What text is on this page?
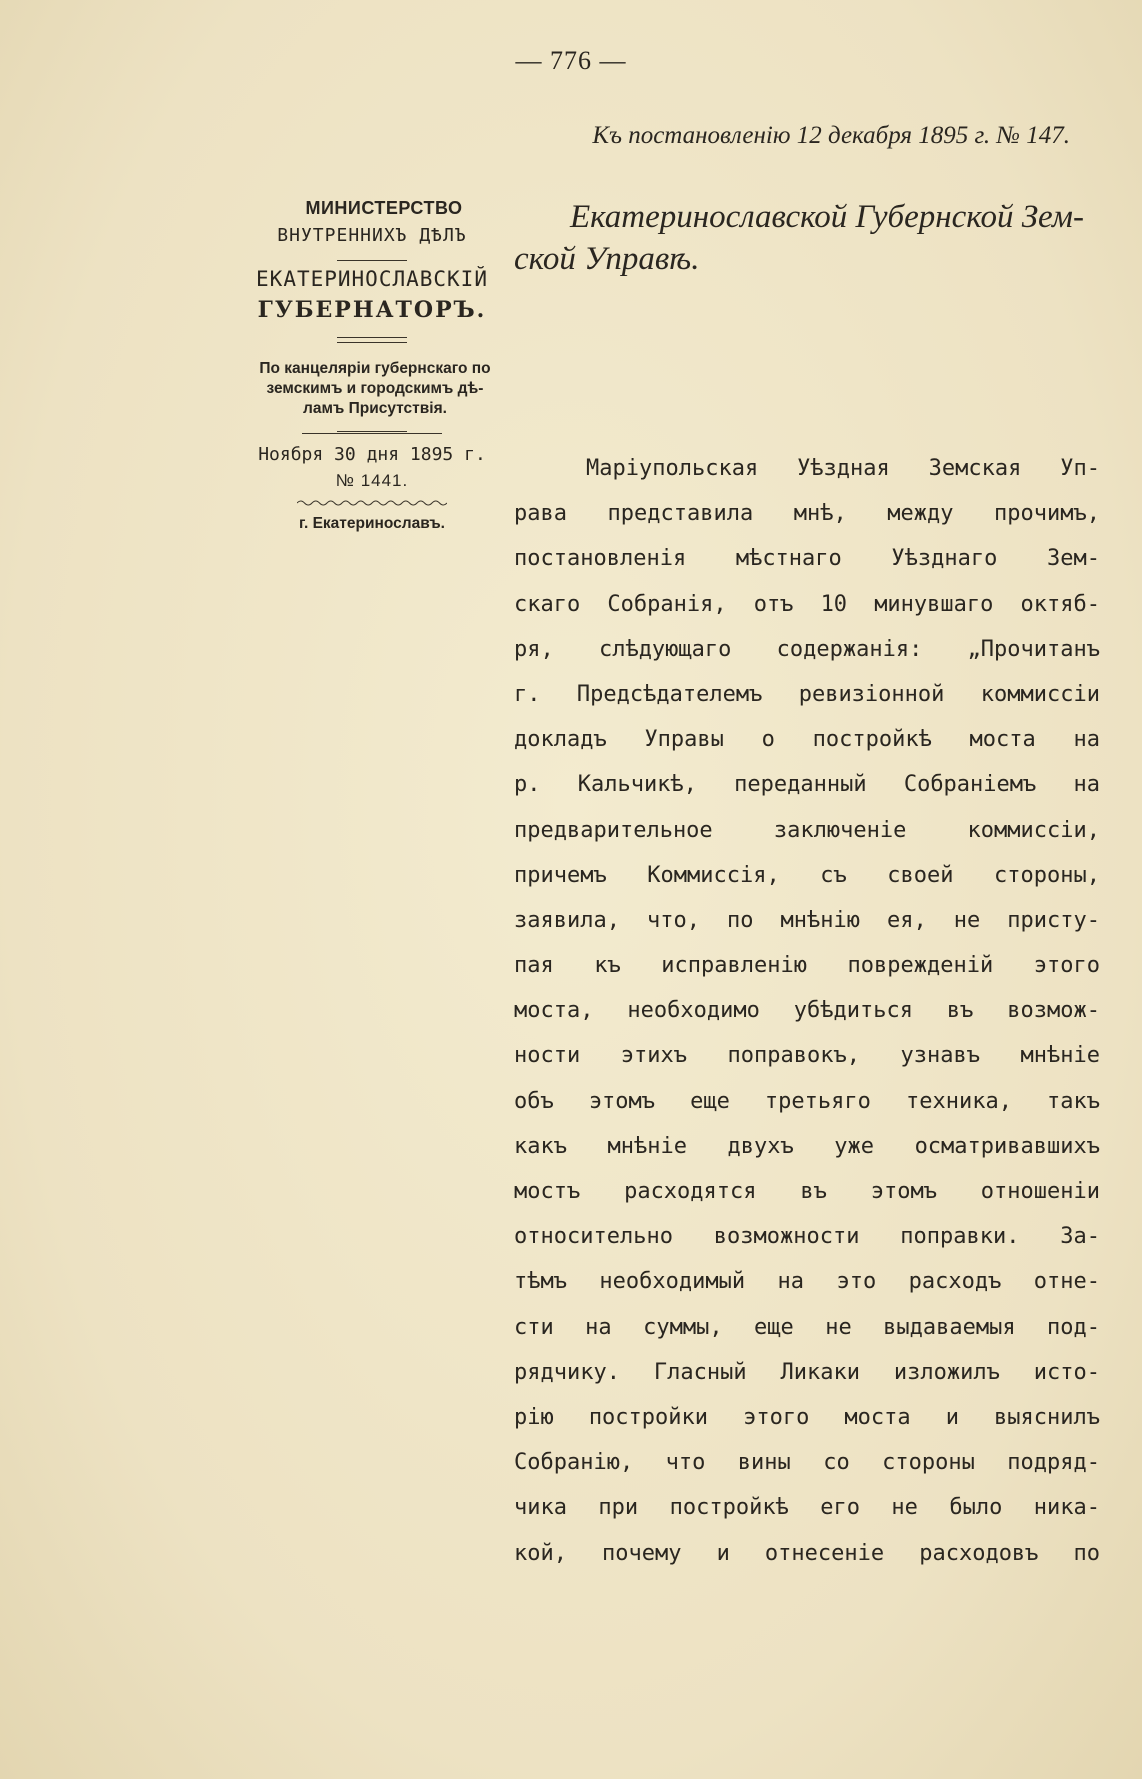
— 776 —
Къ постановленію 12 декабря 1895 г. № 147.
МИНИСТЕРСТВО
ВНУТРЕННИХЪ ДѢЛЪ
ЕКАТЕРИНОСЛАВСКІЙ
ГУБЕРНАТОРЪ.
По канцеляріи губернскаго по
земскимъ и городскимъ дѣ-
ламъ Присутствія.
Ноября 30 дня 1895 г.
№ 1441.
г. Екатеринославъ.
Екатеринославской Губернской Зем-
ской Управѣ.
Маріупольская Уѣздная Земская Уп-
рава представила мнѣ, между прочимъ,
постановленія мѣстнаго Уѣзднаго Зем-
скаго Собранія, отъ 10 минувшаго октяб-
ря, слѣдующаго содержанія: „Прочитанъ
г. Предсѣдателемъ ревизіонной коммиссіи
докладъ Управы о постройкѣ моста на
р. Кальчикѣ, переданный Собраніемъ на
предварительное заключеніе коммиссіи,
причемъ Коммиссія, съ своей стороны,
заявила, что, по мнѣнію ея, не присту-
пая къ исправленію поврежденій этого
моста, необходимо убѣдиться въ возмож-
ности этихъ поправокъ, узнавъ мнѣніе
объ этомъ еще третьяго техника, такъ
какъ мнѣніе двухъ уже осматривавшихъ
мостъ расходятся въ этомъ отношеніи
относительно возможности поправки. За-
тѣмъ необходимый на это расходъ отне-
сти на суммы, еще не выдаваемыя под-
рядчику. Гласный Ликаки изложилъ исто-
рію постройки этого моста и выяснилъ
Собранію, что вины со стороны подряд-
чика при постройкѣ его не было ника-
кой, почему и отнесеніе расходовъ по
